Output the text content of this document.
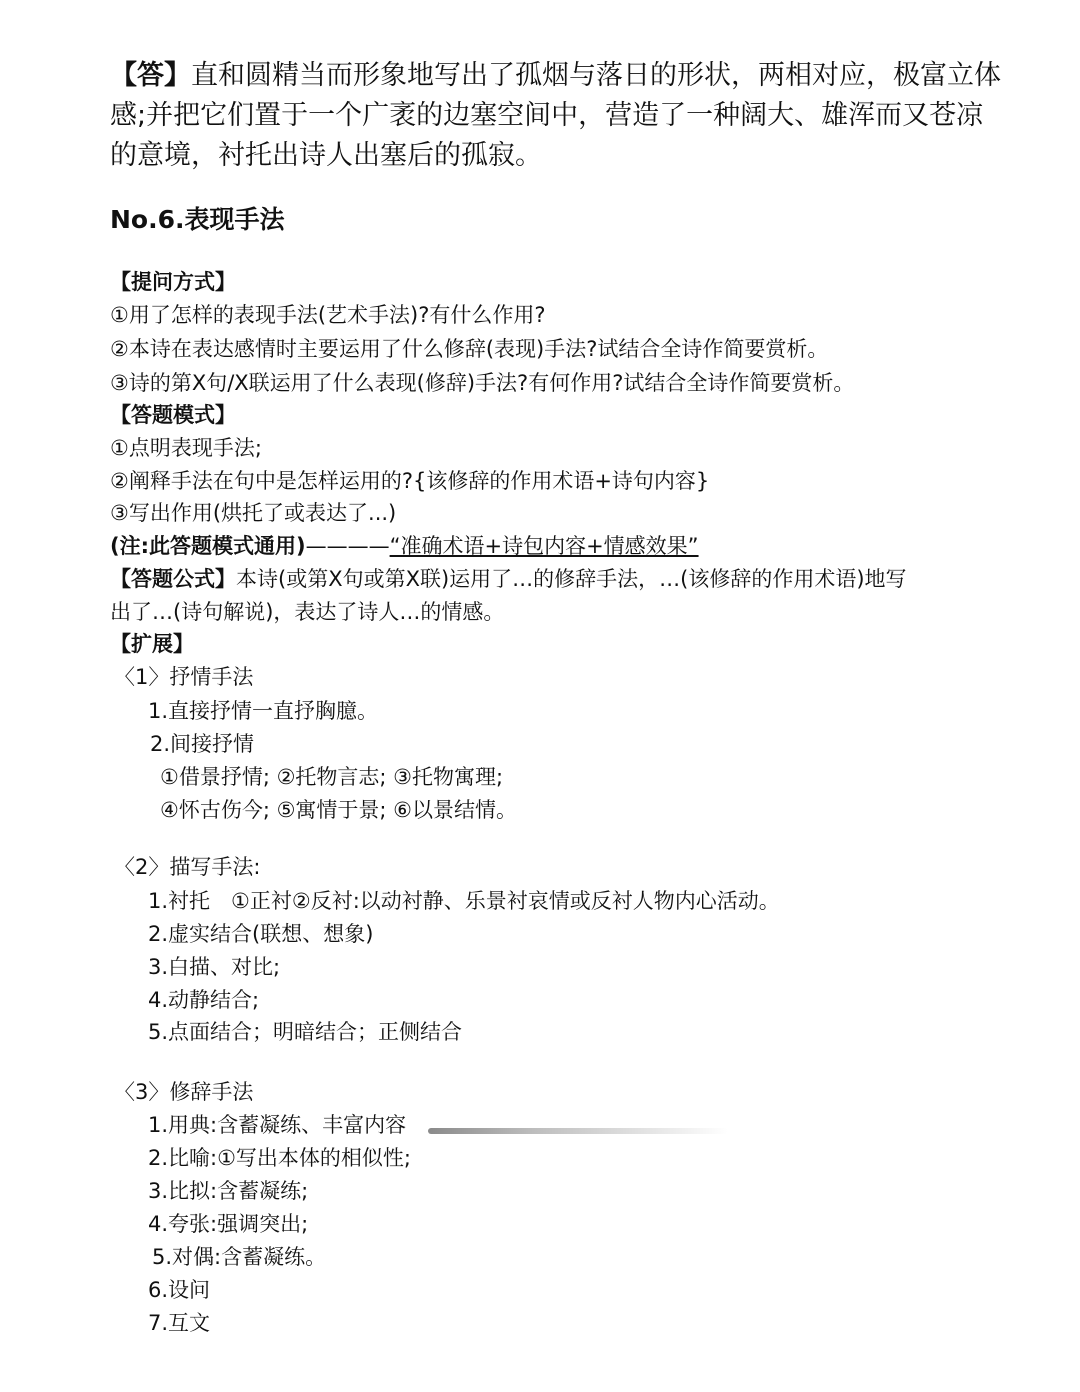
【答】直和圆精当而形象地写出了孤烟与落日的形状，两相对应，极富立体
感;并把它们置于一个广袤的边塞空间中，营造了一种阔大、雄浑而又苍凉
的意境，衬托出诗人出塞后的孤寂。
No.6.表现手法
【提问方式】
①用了怎样的表现手法(艺术手法)?有什么作用?
②本诗在表达感情时主要运用了什么修辞(表现)手法?试结合全诗作简要赏析。
③诗的第X句/X联运用了什么表现(修辞)手法?有何作用?试结合全诗作简要赏析。
【答题模式】
①点明表现手法;
②阐释手法在句中是怎样运用的?{该修辞的作用术语+诗句内容}
③写出作用(烘托了或表达了...)
(注:此答题模式通用)————“准确术语+诗包内容+情感效果”
【答题公式】本诗(或第X句或第X联)运用了…的修辞手法，…(该修辞的作用术语)地写
出了…(诗句解说)，表达了诗人…的情感。
【扩展】
〈1〉抒情手法
1.直接抒情一直抒胸臆。
2.间接抒情
①借景抒情; ②托物言志; ③托物寓理;
④怀古伤今; ⑤寓情于景; ⑥以景结情。
〈2〉描写手法:
1.衬托　①正衬②反衬:以动衬静、乐景衬哀情或反衬人物内心活动。
2.虚实结合(联想、想象)
3.白描、对比;
4.动静结合;
5.点面结合；明暗结合；正侧结合
〈3〉修辞手法
1.用典:含蓄凝练、丰富内容
2.比喻:①写出本体的相似性;
3.比拟:含蓄凝练;
4.夸张:强调突出;
5.对偶:含蓄凝练。
6.设问
7.互文
